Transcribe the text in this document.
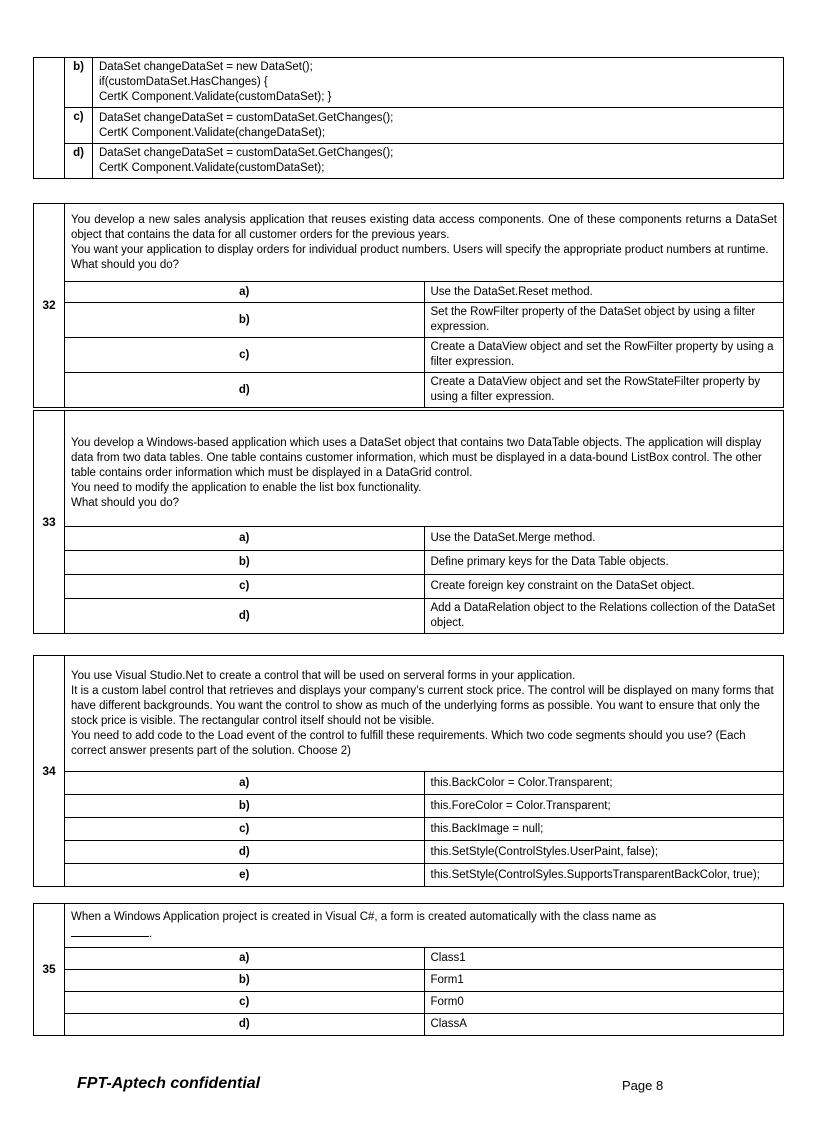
	b)	DataSet changeDataSet = new DataSet();
if(customDataSet.HasChanges) {
CertK Component.Validate(customDataSet); }

	c)	DataSet changeDataSet = customDataSet.GetChanges();
CertK Component.Validate(changeDataSet);

	d)	DataSet changeDataSet = customDataSet.GetChanges();
CertK Component.Validate(customDataSet);
32	You develop a new sales analysis application that reuses existing data access components. One of these components returns a DataSet object that contains the data for all customer orders for the previous years.

You want your application to display orders for individual product numbers. Users will specify the appropriate product numbers at runtime.

What should you do?	

	a)	Use the DataSet.Reset method.
	b)	Set the RowFilter property of the DataSet object by using a filter expression.
	c)	Create a DataView object and set the RowFilter property by using a filter expression.
	d)	Create a DataView object and set the RowStateFilter property by using a filter expression.
33	You develop a Windows-based application which uses a DataSet object that contains two DataTable objects. The application will display data from two data tables. One table contains customer information, which must be displayed in a data-bound ListBox control. The other table contains order information which must be displayed in a DataGrid control.

You need to modify the application to enable the list box functionality.

What should you do?	

	a)	Use the DataSet.Merge method.
	b)	Define primary keys for the Data Table objects.
	c)	Create foreign key constraint on the DataSet object.
	d)	Add a DataRelation object to the Relations collection of the DataSet object.
34	You use Visual Studio.Net to create a control that will be used on serveral forms in your application.

It is a custom label control that retrieves and displays your company’s current stock price. The control will be displayed on many forms that have different backgrounds. You want the control to show as much of the underlying forms as possible. You want to ensure that only the stock price is visible. The rectangular control itself should not be visible.

You need to add code to the Load event of the control to fulfill these requirements. Which two code segments should you use? (Each correct answer presents part of the solution. Choose 2)	

	a)	this.BackColor = Color.Transparent;
	b)	this.ForeColor = Color.Transparent;
	c)	this.BackImage = null;
	d)	this.SetStyle(ControlStyles.UserPaint, false);
	e)	this.SetStyle(ControlSyles.SupportsTransparentBackColor, true);
35	When a Windows Application project is created in Visual C#, a form is created automatically with the class name as
.	
	a)	Class1
	b)	Form1
	c)	Form0
	d)	ClassA
FPT-Aptech confidential	Page 8
